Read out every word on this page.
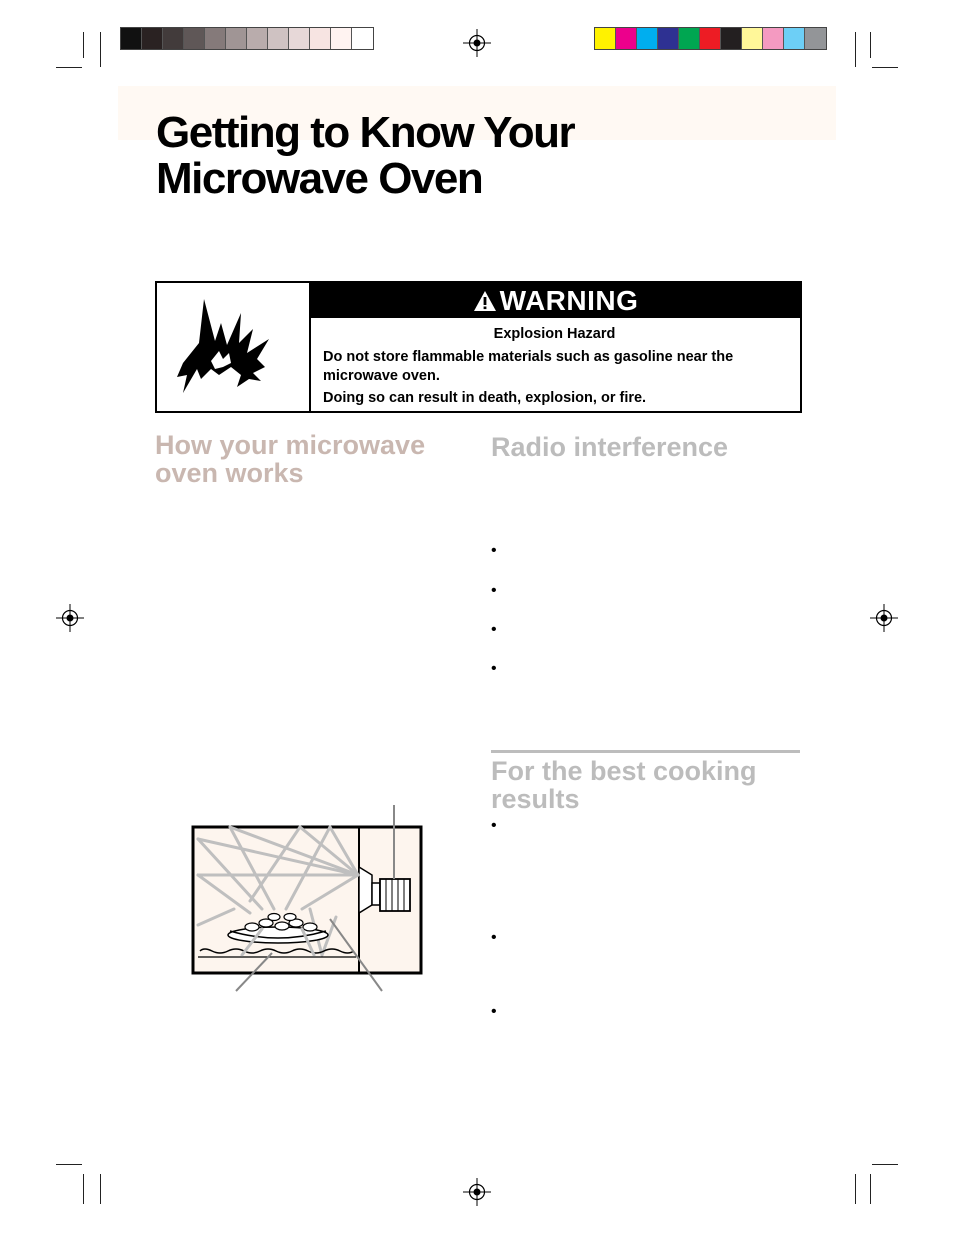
Getting to Know Your
Microwave Oven
WARNING
Explosion Hazard
Do not store flammable materials such as gasoline near the microwave oven.
Doing so can result in death, explosion, or fire.
How your microwave
oven works
Radio interference
•
•
•
•
For the best cooking
results
•
•
•
